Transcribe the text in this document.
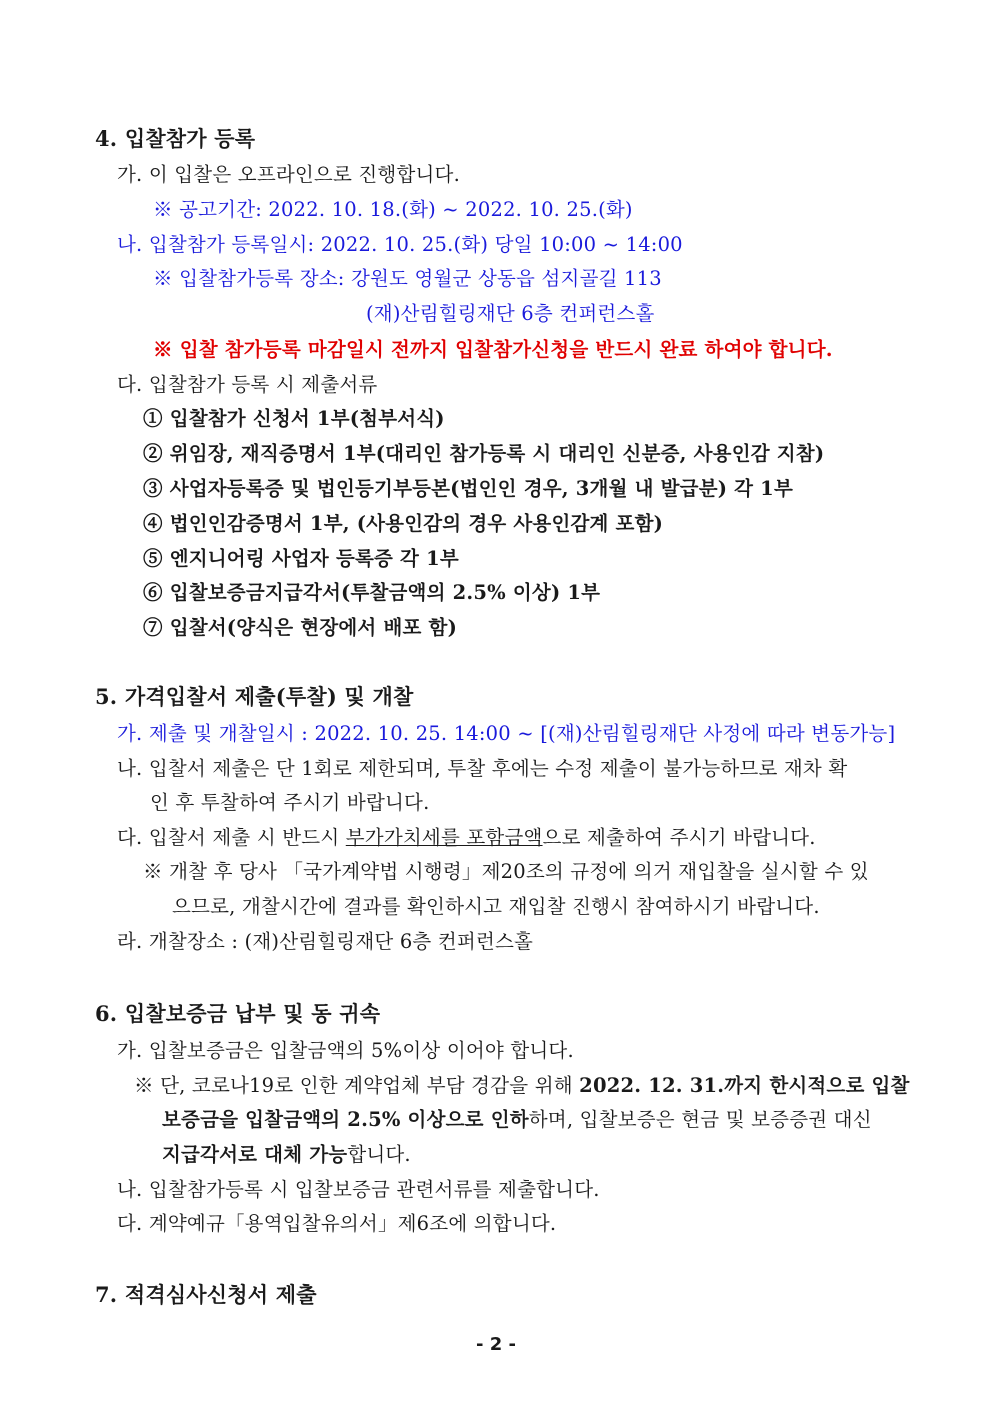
4. 입찰참가 등록
가. 이 입찰은 오프라인으로 진행합니다.
※ 공고기간: 2022. 10. 18.(화) ~ 2022. 10. 25.(화)
나. 입찰참가 등록일시: 2022. 10. 25.(화) 당일 10:00 ~ 14:00
※ 입찰참가등록 장소: 강원도 영월군 상동읍 섬지골길 113
(재)산림힐링재단 6층 컨퍼런스홀
※ 입찰 참가등록 마감일시 전까지 입찰참가신청을 반드시 완료 하여야 합니다.
다. 입찰참가 등록 시 제출서류
① 입찰참가 신청서 1부(첨부서식)
② 위임장, 재직증명서 1부(대리인 참가등록 시 대리인 신분증, 사용인감 지참)
③ 사업자등록증 및 법인등기부등본(법인인 경우, 3개월 내 발급분) 각 1부
④ 법인인감증명서 1부, (사용인감의 경우 사용인감계 포함)
⑤ 엔지니어링 사업자 등록증 각 1부
⑥ 입찰보증금지급각서(투찰금액의 2.5% 이상) 1부
⑦ 입찰서(양식은 현장에서 배포 함)
5. 가격입찰서 제출(투찰) 및 개찰
가. 제출 및 개찰일시 : 2022. 10. 25. 14:00 ~ [(재)산림힐링재단 사정에 따라 변동가능]
나. 입찰서 제출은 단 1회로 제한되며, 투찰 후에는 수정 제출이 불가능하므로 재차 확
인 후 투찰하여 주시기 바랍니다.
다. 입찰서 제출 시 반드시 부가가치세를 포함금액으로 제출하여 주시기 바랍니다.
※ 개찰 후 당사 「국가계약법 시행령」제20조의 규정에 의거 재입찰을 실시할 수 있
으므로, 개찰시간에 결과를 확인하시고 재입찰 진행시 참여하시기 바랍니다.
라. 개찰장소 : (재)산림힐링재단 6층 컨퍼런스홀
6. 입찰보증금 납부 및 동 귀속
가. 입찰보증금은 입찰금액의 5%이상 이어야 합니다.
※ 단, 코로나19로 인한 계약업체 부담 경감을 위해 2022. 12. 31.까지 한시적으로 입찰
보증금을 입찰금액의 2.5% 이상으로 인하하며, 입찰보증은 현금 및 보증증권 대신
지급각서로 대체 가능합니다.
나. 입찰참가등록 시 입찰보증금 관련서류를 제출합니다.
다. 계약예규「용역입찰유의서」제6조에 의합니다.
7. 적격심사신청서 제출
- 2 -
